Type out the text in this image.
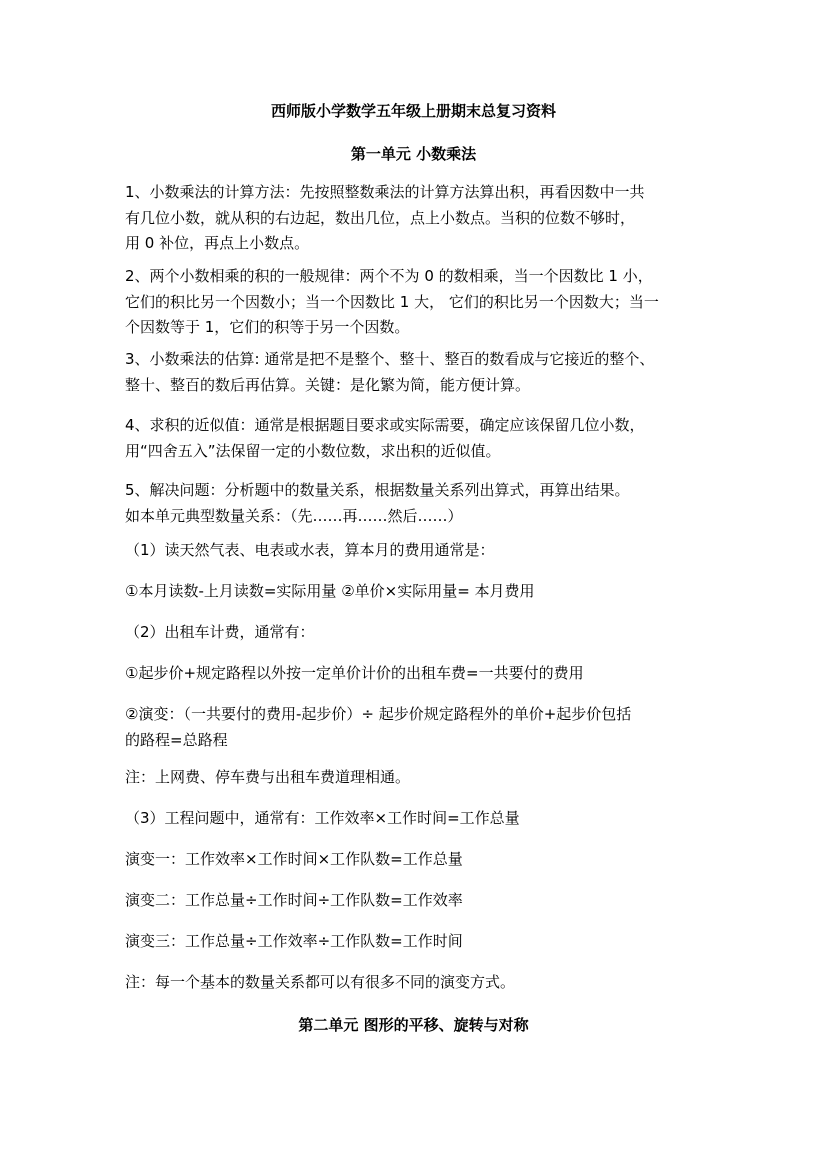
西师版小学数学五年级上册期末总复习资料
第一单元 小数乘法
1、小数乘法的计算方法：先按照整数乘法的计算方法算出积，再看因数中一共
有几位小数，就从积的右边起，数出几位，点上小数点。当积的位数不够时，
用 0 补位，再点上小数点。
2、两个小数相乘的积的一般规律：两个不为 0 的数相乘，当一个因数比 1 小，
它们的积比另一个因数小；当一个因数比 1 大， 它们的积比另一个因数大；当一
个因数等于 1，它们的积等于另一个因数。
3、小数乘法的估算: 通常是把不是整个、整十、整百的数看成与它接近的整个、
整十、整百的数后再估算。关键：是化繁为简，能方便计算。
4、求积的近似值：通常是根据题目要求或实际需要，确定应该保留几位小数，
用“四舍五入”法保留一定的小数位数，求出积的近似值。
5、解决问题：分析题中的数量关系，根据数量关系列出算式，再算出结果。
如本单元典型数量关系：（先……再……然后……）
（1）读天然气表、电表或水表，算本月的费用通常是：
①本月读数-上月读数=实际用量 ②单价×实际用量= 本月费用
（2）出租车计费，通常有：
①起步价+规定路程以外按一定单价计价的出租车费=一共要付的费用
②演变：（一共要付的费用-起步价）÷ 起步价规定路程外的单价+起步价包括
的路程=总路程
注：上网费、停车费与出租车费道理相通。
（3）工程问题中，通常有：工作效率×工作时间=工作总量
演变一：工作效率×工作时间×工作队数=工作总量
演变二：工作总量÷工作时间÷工作队数=工作效率
演变三：工作总量÷工作效率÷工作队数=工作时间
注：每一个基本的数量关系都可以有很多不同的演变方式。
第二单元 图形的平移、旋转与对称
